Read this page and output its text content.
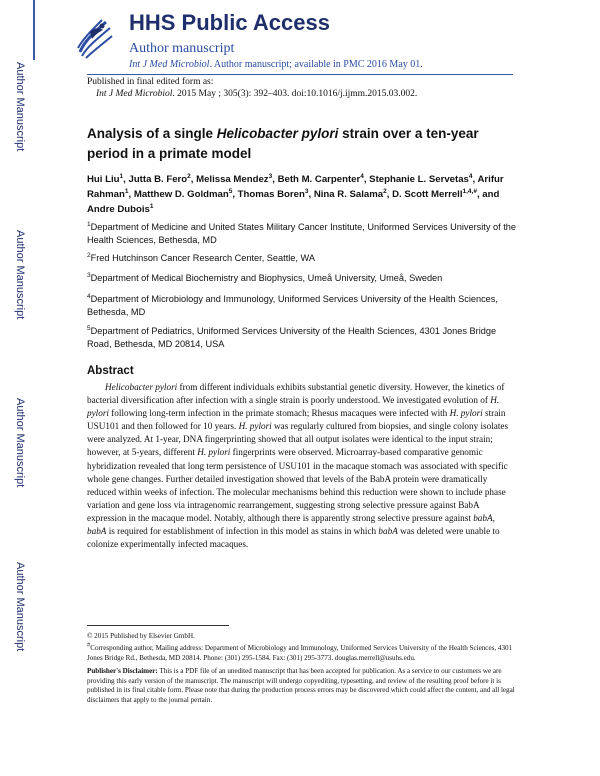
Author Manuscript
Author Manuscript
Author Manuscript
Author Manuscript
HHS Public Access
Author manuscript
Int J Med Microbiol. Author manuscript; available in PMC 2016 May 01.
Published in final edited form as:
Int J Med Microbiol. 2015 May ; 305(3): 392–403. doi:10.1016/j.ijmm.2015.03.002.
Analysis of a single Helicobacter pylori strain over a ten-year period in a primate model
Hui Liu$^1$, Jutta B. Fero$^2$, Melissa Mendez$^3$, Beth M. Carpenter$^4$, Stephanie L. Servetas$^4$, Arifur Rahman$^1$, Matthew D. Goldman$^5$, Thomas Boren$^3$, Nina R. Salama$^2$, D. Scott Merrell$^{1,4,\#}$, and Andre Dubois$^1$
$^1$Department of Medicine and United States Military Cancer Institute, Uniformed Services University of the Health Sciences, Bethesda, MD
$^2$Fred Hutchinson Cancer Research Center, Seattle, WA
$^3$Department of Medical Biochemistry and Biophysics, Umeå University, Umeå, Sweden
$^4$Department of Microbiology and Immunology, Uniformed Services University of the Health Sciences, Bethesda, MD
$^5$Department of Pediatrics, Uniformed Services University of the Health Sciences, 4301 Jones Bridge Road, Bethesda, MD 20814, USA
Abstract
Helicobacter pylori from different individuals exhibits substantial genetic diversity. However, the kinetics of bacterial diversification after infection with a single strain is poorly understood. We investigated evolution of H. pylori following long-term infection in the primate stomach; Rhesus macaques were infected with H. pylori strain USU101 and then followed for 10 years. H. pylori was regularly cultured from biopsies, and single colony isolates were analyzed. At 1-year, DNA fingerprinting showed that all output isolates were identical to the input strain; however, at 5-years, different H. pylori fingerprints were observed. Microarray-based comparative genomic hybridization revealed that long term persistence of USU101 in the macaque stomach was associated with specific whole gene changes. Further detailed investigation showed that levels of the BabA protein were dramatically reduced within weeks of infection. The molecular mechanisms behind this reduction were shown to include phase variation and gene loss via intragenomic rearrangement, suggesting strong selective pressure against BabA expression in the macaque model. Notably, although there is apparently strong selective pressure against babA, babA is required for establishment of infection in this model as stains in which babA was deleted were unable to colonize experimentally infected macaques.
© 2015 Published by Elsevier GmbH.
#Corresponding author, Mailing address: Department of Microbiology and Immunology, Uniformed Services University of the Health Sciences, 4301 Jones Bridge Rd., Bethesda, MD 20814. Phone: (301) 295-1584. Fax: (301) 295-3773. douglas.merrell@usuhs.edu.
Publisher's Disclaimer: This is a PDF file of an unedited manuscript that has been accepted for publication. As a service to our customers we are providing this early version of the manuscript. The manuscript will undergo copyediting, typesetting, and review of the resulting proof before it is published in its final citable form. Please note that during the production process errors may be discovered which could affect the content, and all legal disclaimers that apply to the journal pertain.
